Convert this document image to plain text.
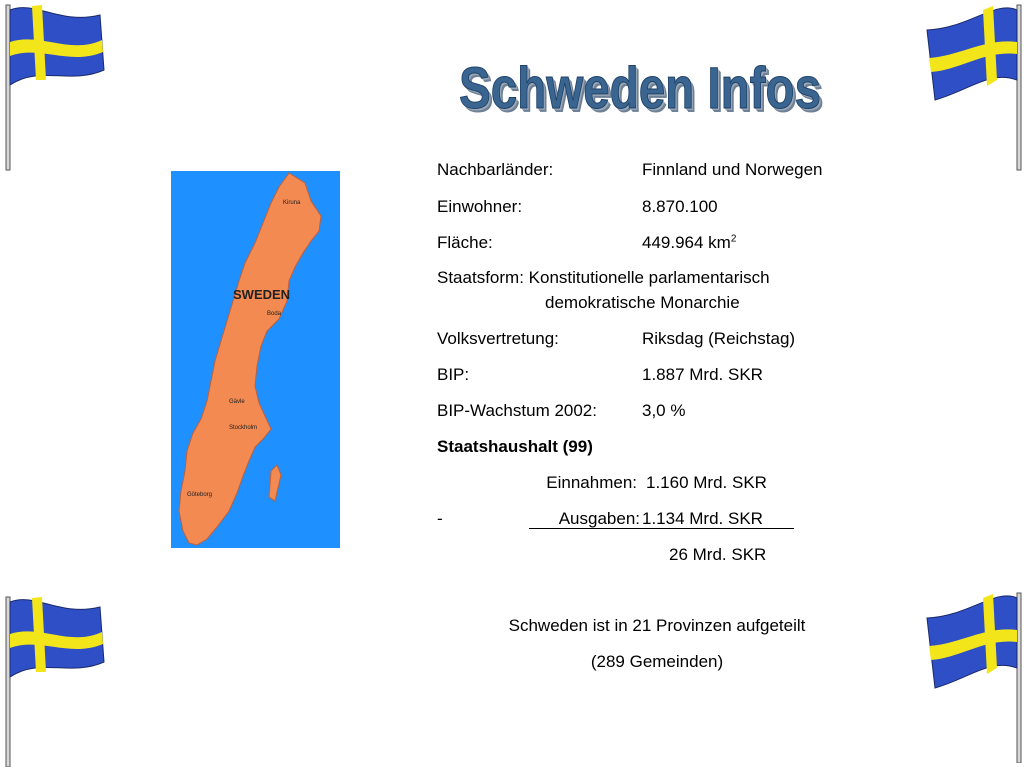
Schweden Infos
SWEDEN
Kiruna
Boda
Gävle
Stockholm
Göteborg
Nachbarländer:	Finnland und Norwegen
Einwohner:	8.870.100
Fläche:	449.964 $km^2$
Staatsform: Konstitutionelle parlamentarisch
demokratische Monarchie
Volksvertretung:	Riksdag (Reichstag)
BIP:	1.887 Mrd. SKR
BIP-Wachstum 2002:	3,0 %
Staatshaushalt (99)
Einnahmen: 1.160 Mrd. SKR
-	Ausgaben: 1.134 Mrd. SKR
26 Mrd. SKR
Schweden ist in 21 Provinzen aufgeteilt
(289 Gemeinden)
